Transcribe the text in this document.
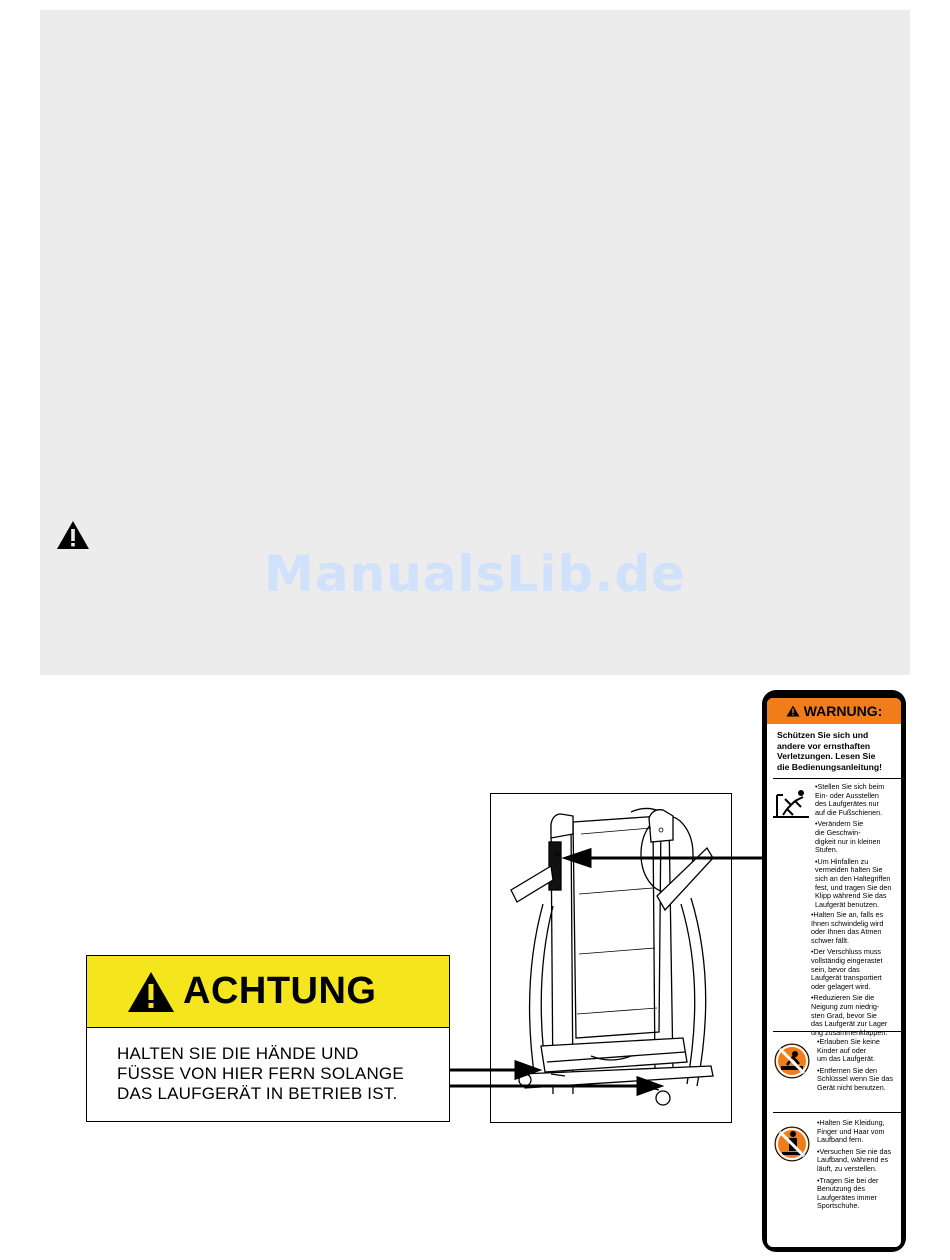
ManualsLib.de
ACHTUNG
HALTEN SIE DIE HÄNDE UND
FÜSSE VON HIER FERN SOLANGE
DAS LAUFGERÄT IN BETRIEB IST.
WARNUNG:
Schützen Sie sich und
andere vor ernsthaften
Verletzungen. Lesen Sie
die Bedienungsanleitung!

•Stellen Sie sich beim
Ein- oder Ausstellen
des Laufgerätes nur
auf die Fußschienen.

•Verändern Sie
die Geschwin-
digkeit nur in kleinen
Stufen.

•Um Hinfallen zu
vermeiden halten Sie
sich an den Haltegriffen
fest, und tragen Sie den
Klipp während Sie das
Laufgerät benutzen.

•Halten Sie an, falls es
Ihnen schwindelig wird
oder Ihnen das Atmen
schwer fällt.

•Der Verschluss muss
vollständig eingerastet
sein, bevor das
Laufgerät transportiert
oder gelagert wird.

•Reduzieren Sie die
Neigung zum niedrig-
sten Grad, bevor Sie
das Laufgerät zur Lager
ung zusammenklappen.

•Erlauben Sie keine
Kinder auf oder
um das Laufgerät.

•Entfernen Sie den
Schlüssel wenn Sie das
Gerät nicht benutzen.

•Halten Sie Kleidung,
Finger und Haar vom
Laufband fern.

•Versuchen Sie nie das
Laufband, während es
läuft, zu verstellen.

•Tragen Sie bei der
Benutzung des
Laufgerätes immer
Sportschuhe.
